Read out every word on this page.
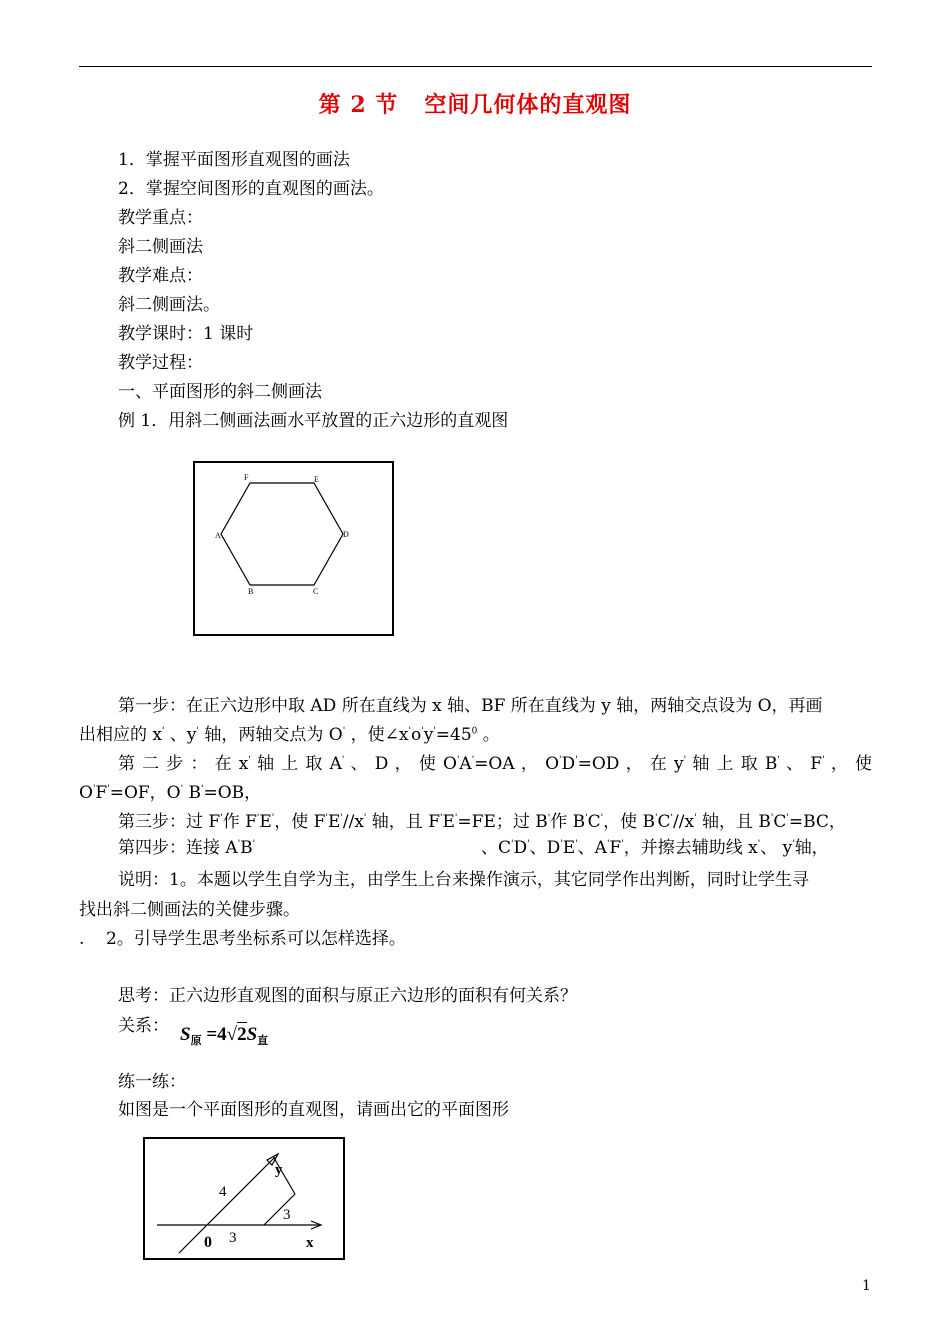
第 2 节 空间几何体的直观图
1．掌握平面图形直观图的画法
2．掌握空间图形的直观图的画法。
教学重点：
斜二侧画法
教学难点：
斜二侧画法。
教学课时：1 课时
教学过程：
一、平面图形的斜二侧画法
例 1．用斜二侧画法画水平放置的正六边形的直观图
F	E
A	D
B	C
第一步：在正六边形中取 AD 所在直线为 x 轴、BF 所在直线为 y 轴，两轴交点设为 O，再画
出相应的 x' 、y' 轴，两轴交点为 O' ，使$\angle x'o'y'=45^0$ 。
第 二 步 ： 在 x' 轴 上 取 A' 、 D ， 使 O'A'=OA ， O'D'=OD ， 在 y' 轴 上 取 B' 、 F' ， 使
O'F'=OF，O' B'=OB，
第三步：过 F'作 F'E'，使 F'E'//x' 轴，且 F'E'=FE；过 B'作 B'C'，使 B'C'//x' 轴，且 B'C'=BC，
第四步：连接 A'B'	、C'D'、D'E'、A'F'，并擦去辅助线 x'、 y'轴，
说明：1。本题以学生自学为主，由学生上台来操作演示，其它同学作出判断，同时让学生寻
找出斜二侧画法的关健步骤。
.    2。引导学生思考坐标系可以怎样选择。
思考：正六边形直观图的面积与原正六边形的面积有何关系？
关系： $S_原 =4√2S_直$
练一练：
如图是一个平面图形的直观图，请画出它的平面图形
y
x
4
3
3
0
1
